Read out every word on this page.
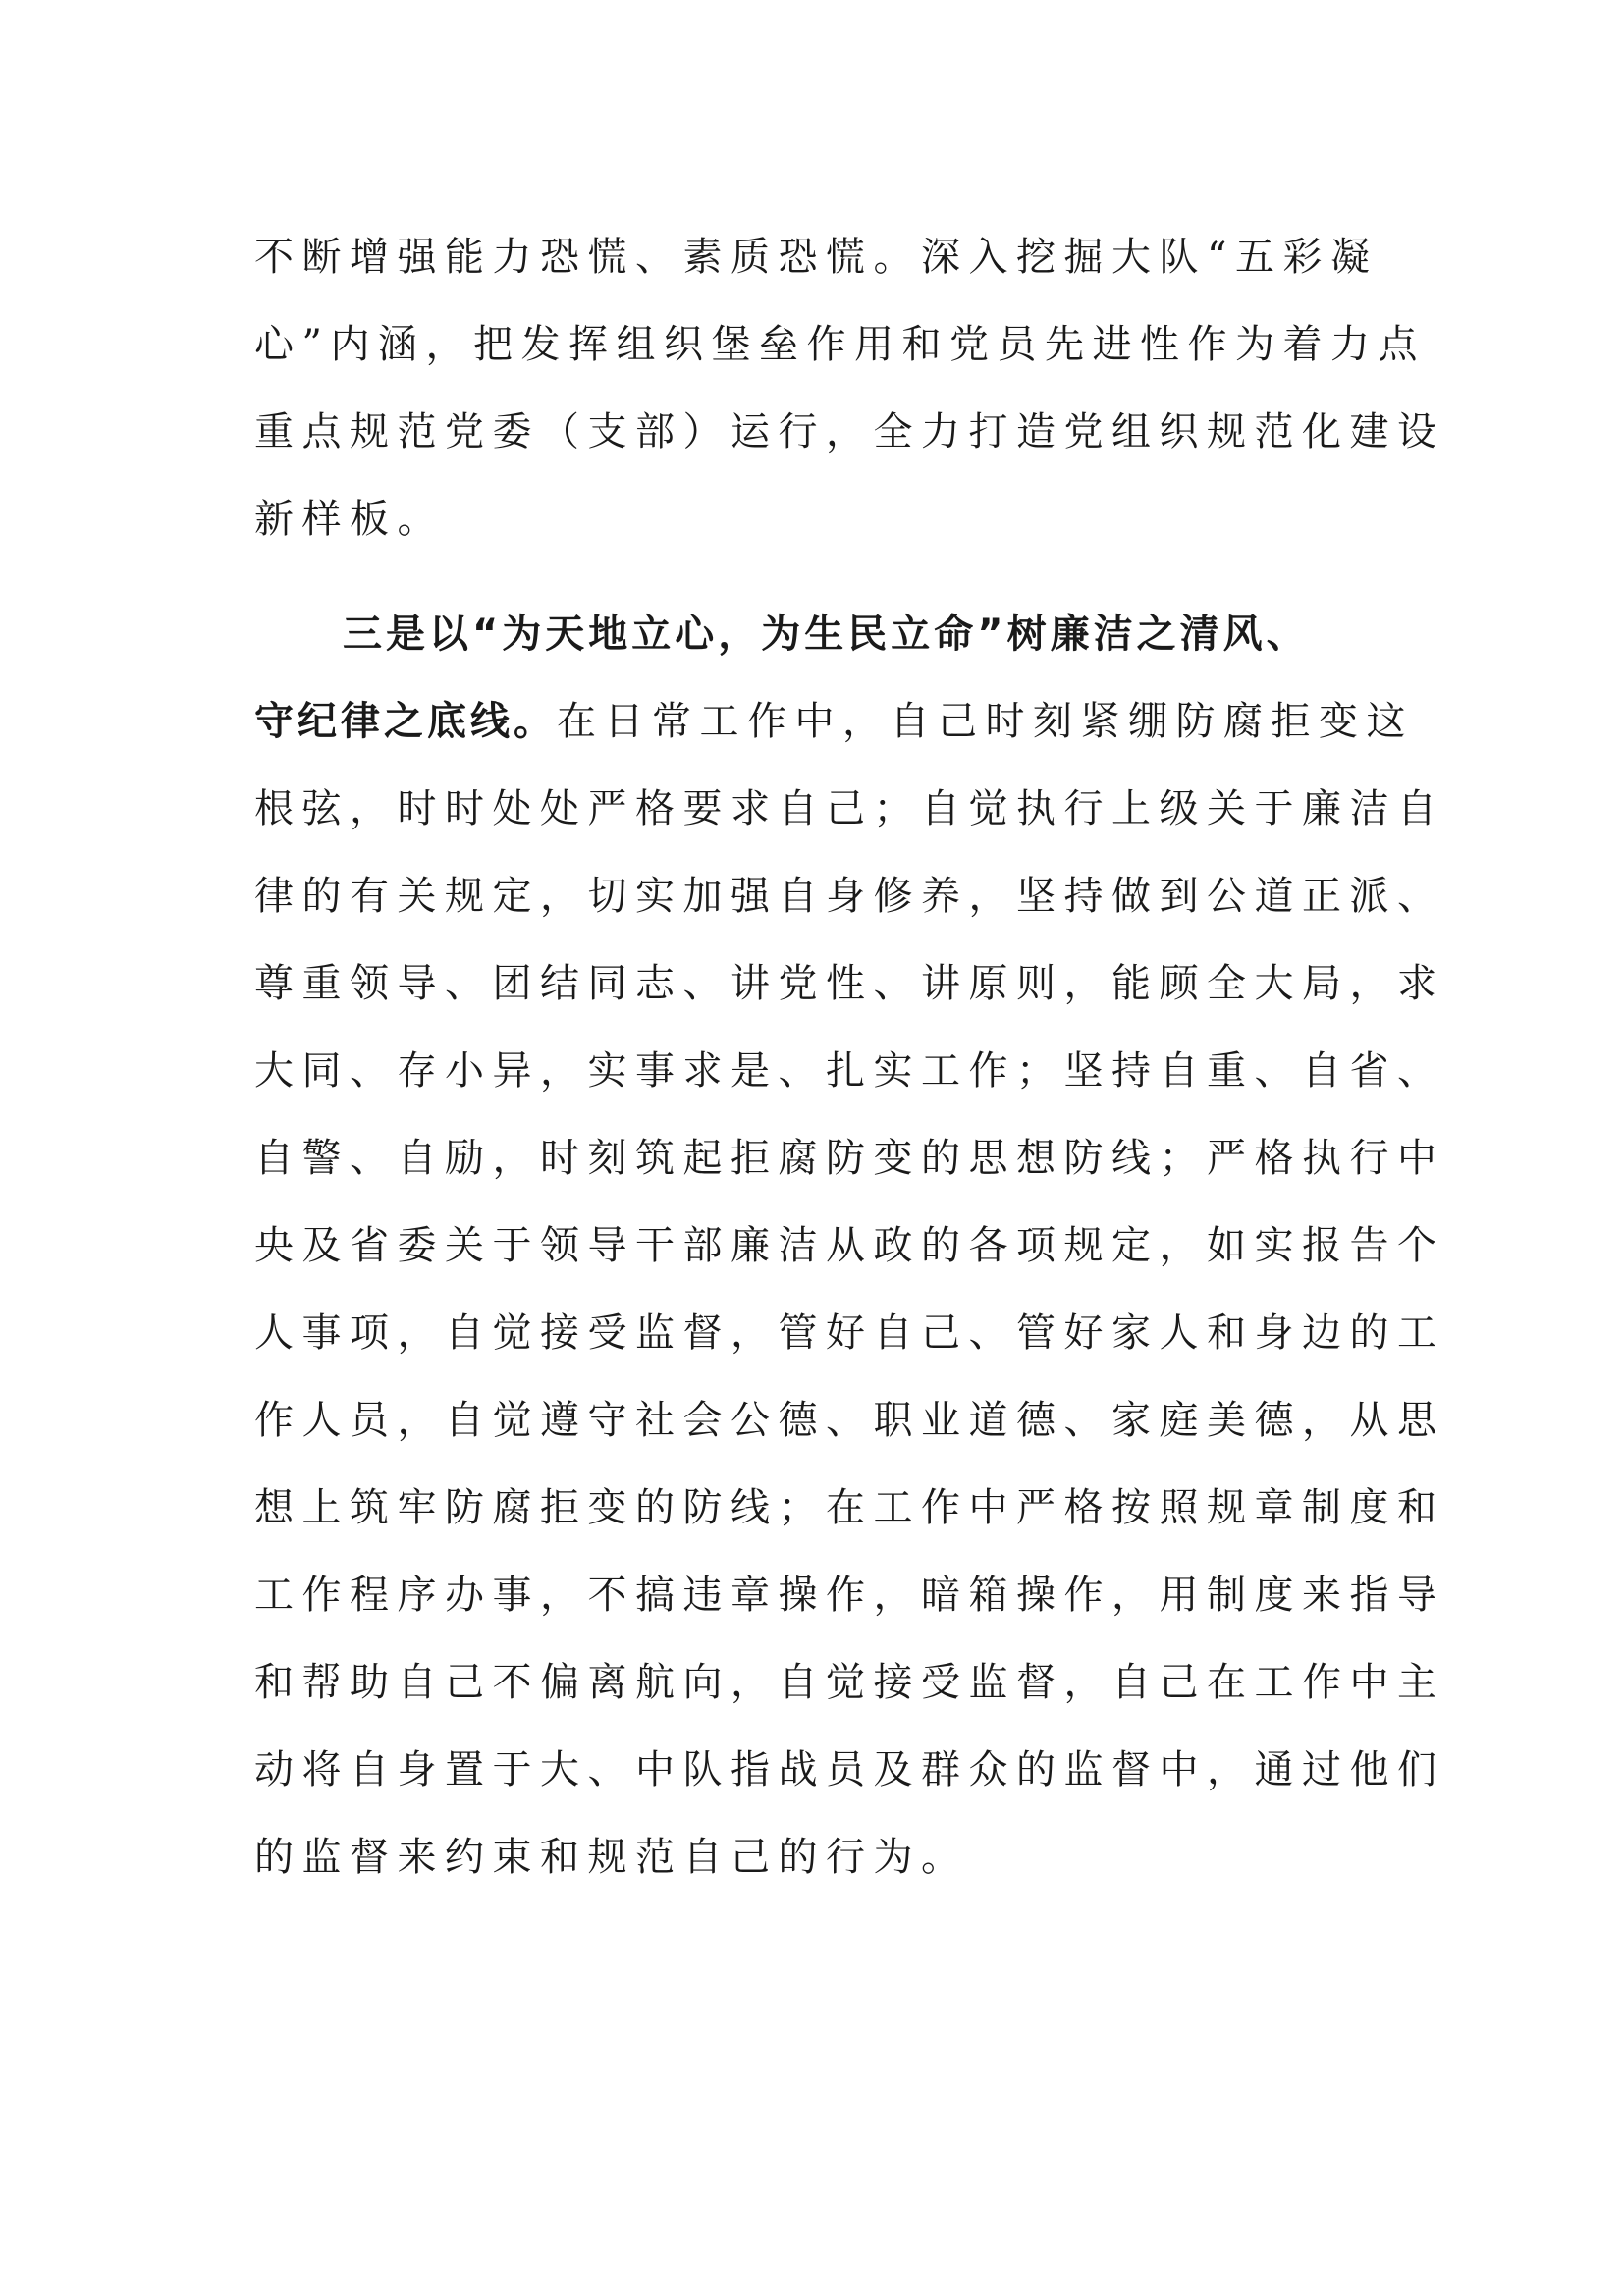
不断增强能力恐慌、素质恐慌。深入挖掘大队“五彩凝
心”内涵，把发挥组织堡垒作用和党员先进性作为着力点
重点规范党委（支部）运行，全力打造党组织规范化建设
新样板。
三是以“为天地立心，为生民立命”树廉洁之清风、
守纪律之底线。在日常工作中，自己时刻紧绷防腐拒变这
根弦，时时处处严格要求自己；自觉执行上级关于廉洁自
律的有关规定，切实加强自身修养，坚持做到公道正派、
尊重领导、团结同志、讲党性、讲原则，能顾全大局，求
大同、存小异，实事求是、扎实工作；坚持自重、自省、
自警、自励，时刻筑起拒腐防变的思想防线；严格执行中
央及省委关于领导干部廉洁从政的各项规定，如实报告个
人事项，自觉接受监督，管好自己、管好家人和身边的工
作人员，自觉遵守社会公德、职业道德、家庭美德，从思
想上筑牢防腐拒变的防线；在工作中严格按照规章制度和
工作程序办事，不搞违章操作，暗箱操作，用制度来指导
和帮助自己不偏离航向，自觉接受监督，自己在工作中主
动将自身置于大、中队指战员及群众的监督中，通过他们
的监督来约束和规范自己的行为。
